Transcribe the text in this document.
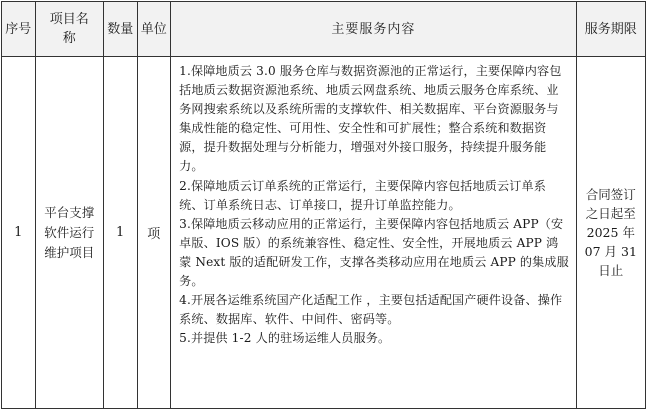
序号	项目名称	数量	单位	主要服务内容	服务期限
1	平台支撑软件运行维护项目	1	项	1.保障地质云 3.0 服务仓库与数据资源池的正常运行，主要保障内容包括地质云数据资源池系统、地质云网盘系统、地质云服务仓库系统、业务网搜索系统以及系统所需的支撑软件、相关数据库、平台资源服务与集成性能的稳定性、可用性、安全性和可扩展性；整合系统和数据资源，提升数据处理与分析能力，增强对外接口服务，持续提升服务能力。

2.保障地质云订单系统的正常运行，主要保障内容包括地质云订单系统、订单系统日志、订单接口，提升订单监控能力。

3.保障地质云移动应用的正常运行，主要保障内容包括地质云 APP（安卓版、IOS 版）的系统兼容性、稳定性、安全性，开展地质云 APP 鸿蒙 Next 版的适配研发工作，支撑各类移动应用在地质云 APP 的集成服务。

4.开展各运维系统国产化适配工作 ，主要包括适配国产硬件设备、操作系统、数据库、软件、中间件、密码等。

5.并提供 1-2 人的驻场运维人员服务。	合同签订之日起至 2025 年 07 月 31 日止
